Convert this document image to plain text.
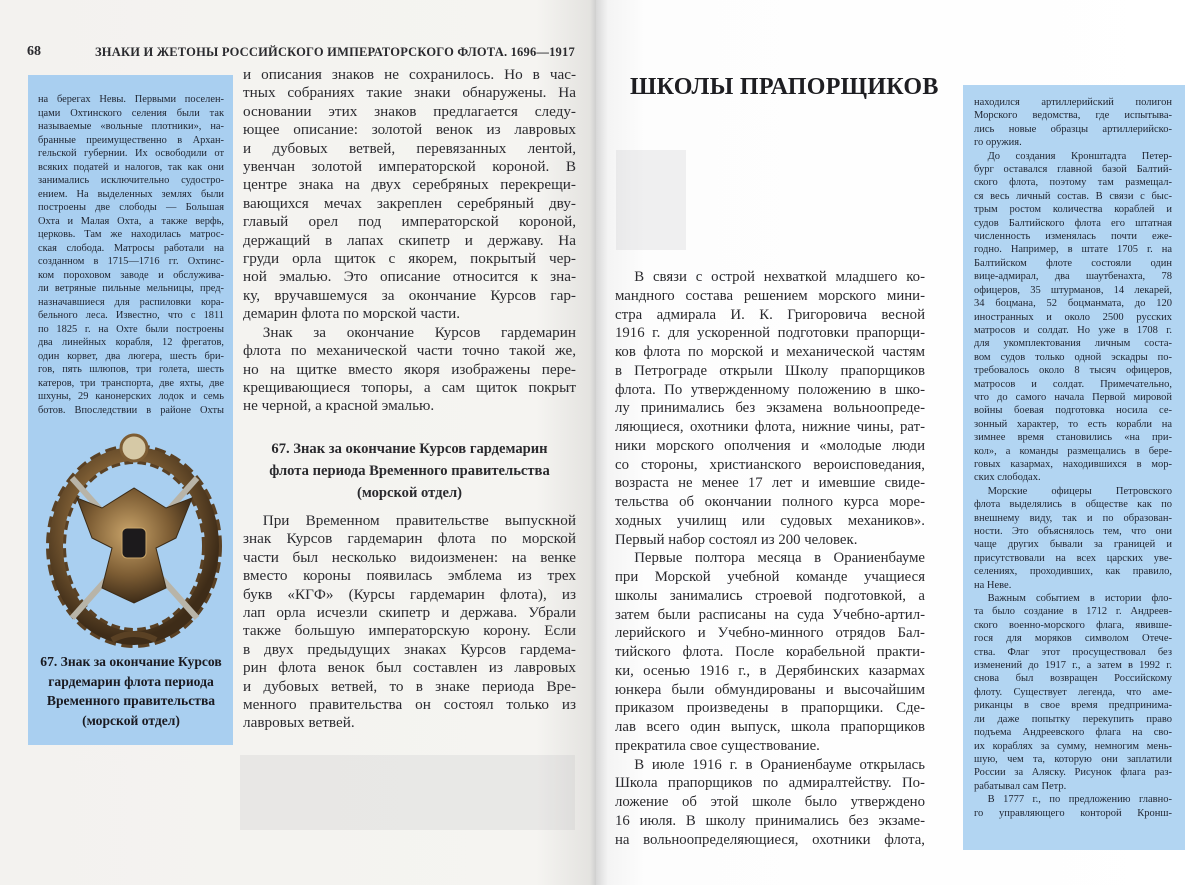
68	ЗНАКИ И ЖЕТОНЫ РОССИЙСКОГО ИМПЕРАТОРСКОГО ФЛОТА. 1696—1917
на берегах Невы. Первыми поселен-
цами Охтинского селения были так
называемые «вольные плотники», на-
бранные преимущественно в Архан-
гельской губернии. Их освободили от
всяких податей и налогов, так как они
занимались исключительно судостро-
ением. На выделенных землях были
построены две слободы — Большая
Охта и Малая Охта, а также верфь,
церковь. Там же находилась матрос-
ская слобода. Матросы работали на
созданном в 1715—1716 гг. Охтинс-
ком пороховом заводе и обслужива-
ли ветряные пильные мельницы, пред-
назначавшиеся для распиловки кора-
бельного леса. Известно, что с 1811
по 1825 г. на Охте были построены
два линейных корабля, 12 фрегатов,
один корвет, два люгера, шесть бри-
гов, пять шлюпов, три голета, шесть
катеров, три транспорта, две яхты, две
шхуны, 29 канонерских лодок и семь
ботов. Впоследствии в районе Охты
67. Знак за окончание Курсов
гардемарин флота периода
Временного правительства
(морской отдел)
и описания знаков не сохранилось. Но в час-
тных собраниях такие знаки обнаружены. На
основании этих знаков предлагается следу-
ющее описание: золотой венок из лавровых
и дубовых ветвей, перевязанных лентой,
увенчан золотой императорской короной. В
центре знака на двух серебряных перекрещи-
вающихся мечах закреплен серебряный дву-
главый орел под императорской короной,
держащий в лапах скипетр и державу. На
груди орла щиток с якорем, покрытый чер-
ной эмалью. Это описание относится к зна-
ку, вручавшемуся за окончание Курсов гар-
демарин флота по морской части.
Знак за окончание Курсов гардемарин
флота по механической части точно такой же,
но на щитке вместо якоря изображены пере-
крещивающиеся топоры, а сам щиток покрыт
не черной, а красной эмалью.
67. Знак за окончание Курсов гардемарин
флота периода Временного правительства
(морской отдел)
При Временном правительстве выпускной
знак Курсов гардемарин флота по морской
части был несколько видоизменен: на венке
вместо короны появилась эмблема из трех
букв «КГФ» (Курсы гардемарин флота), из
лап орла исчезли скипетр и держава. Убрали
также большую императорскую корону. Если
в двух предыдущих знаках Курсов гардема-
рин флота венок был составлен из лавровых
и дубовых ветвей, то в знаке периода Вре-
менного правительства он состоял только из
лавровых ветвей.
ШКОЛЫ ПРАПОРЩИКОВ
В связи с острой нехваткой младшего ко-
мандного состава решением морского мини-
стра адмирала И. К. Григоровича весной
1916 г. для ускоренной подготовки прапорщи-
ков флота по морской и механической частям
в Петрограде открыли Школу прапорщиков
флота. По утвержденному положению в шко-
лу принимались без экзамена вольноопреде-
ляющиеся, охотники флота, нижние чины, рат-
ники морского ополчения и «молодые люди
со стороны, христианского вероисповедания,
возраста не менее 17 лет и имевшие свиде-
тельства об окончании полного курса море-
ходных училищ или судовых механиков».
Первый набор состоял из 200 человек.
Первые полтора месяца в Ораниенбауме
при Морской учебной команде учащиеся
школы занимались строевой подготовкой, а
затем были расписаны на суда Учебно-артил-
лерийского и Учебно-минного отрядов Бал-
тийского флота. После корабельной практи-
ки, осенью 1916 г., в Дерябинских казармах
юнкера были обмундированы и высочайшим
приказом произведены в прапорщики. Сде-
лав всего один выпуск, школа прапорщиков
прекратила свое существование.
В июле 1916 г. в Ораниенбауме открылась
Школа прапорщиков по адмиралтейству. По-
ложение об этой школе было утверждено
16 июля. В школу принимались без экзаме-
на вольноопределяющиеся, охотники флота,
находился артиллерийский полигон
Морского ведомства, где испытыва-
лись новые образцы артиллерийско-
го оружия.
До создания Кронштадта Петер-
бург оставался главной базой Балтий-
ского флота, поэтому там размещал-
ся весь личный состав. В связи с быс-
трым ростом количества кораблей и
судов Балтийского флота его штатная
численность изменялась почти еже-
годно. Например, в штате 1705 г. на
Балтийском флоте состояли один
вице-адмирал, два шаутбенахта, 78
офицеров, 35 штурманов, 14 лекарей,
34 боцмана, 52 боцманмата, до 120
иностранных и около 2500 русских
матросов и солдат. Но уже в 1708 г.
для укомплектования личным соста-
вом судов только одной эскадры по-
требовалось около 8 тысяч офицеров,
матросов и солдат. Примечательно,
что до самого начала Первой мировой
войны боевая подготовка носила се-
зонный характер, то есть корабли на
зимнее время становились «на при-
кол», а команды размещались в бере-
говых казармах, находившихся в мор-
ских слободах.
Морские офицеры Петровского
флота выделялись в обществе как по
внешнему виду, так и по образован-
ности. Это объяснялось тем, что они
чаще других бывали за границей и
присутствовали на всех царских уве-
селениях, проходивших, как правило,
на Неве.
Важным событием в истории фло-
та было создание в 1712 г. Андреев-
ского военно-морского флага, явивше-
гося для моряков символом Отече-
ства. Флаг этот просуществовал без
изменений до 1917 г., а затем в 1992 г.
снова был возвращен Российскому
флоту. Существует легенда, что аме-
риканцы в свое время предпринима-
ли даже попытку перекупить право
подъема Андреевского флага на сво-
их кораблях за сумму, немногим мень-
шую, чем та, которую они заплатили
России за Аляску. Рисунок флага раз-
рабатывал сам Петр.
В 1777 г., по предложению главно-
го управляющего конторой Кронш-
